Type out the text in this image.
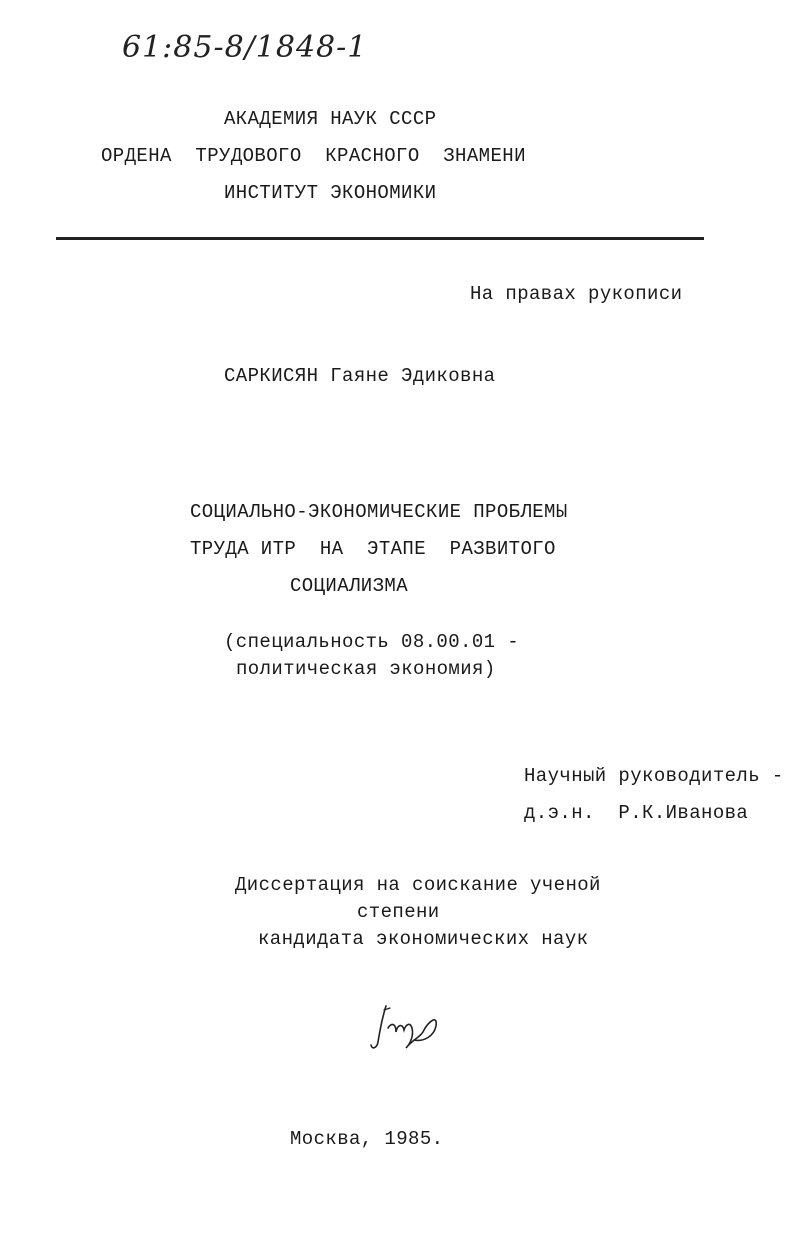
61:85-8/1848-1
АКАДЕМИЯ НАУК СССР
ОРДЕНА  ТРУДОВОГО  КРАСНОГО  ЗНАМЕНИ
ИНСТИТУТ ЭКОНОМИКИ
На правах рукописи
САРКИСЯН Гаяне Эдиковна
СОЦИАЛЬНО-ЭКОНОМИЧЕСКИЕ ПРОБЛЕМЫ
ТРУДА ИТР  НА  ЭТАПЕ  РАЗВИТОГО
СОЦИАЛИЗМА
(специальность 08.00.01 -
политическая экономия)
Научный руководитель -
д.э.н.  Р.К.Иванова
Диссертация на соискание ученой
степени
кандидата экономических наук
Москва, 1985.
